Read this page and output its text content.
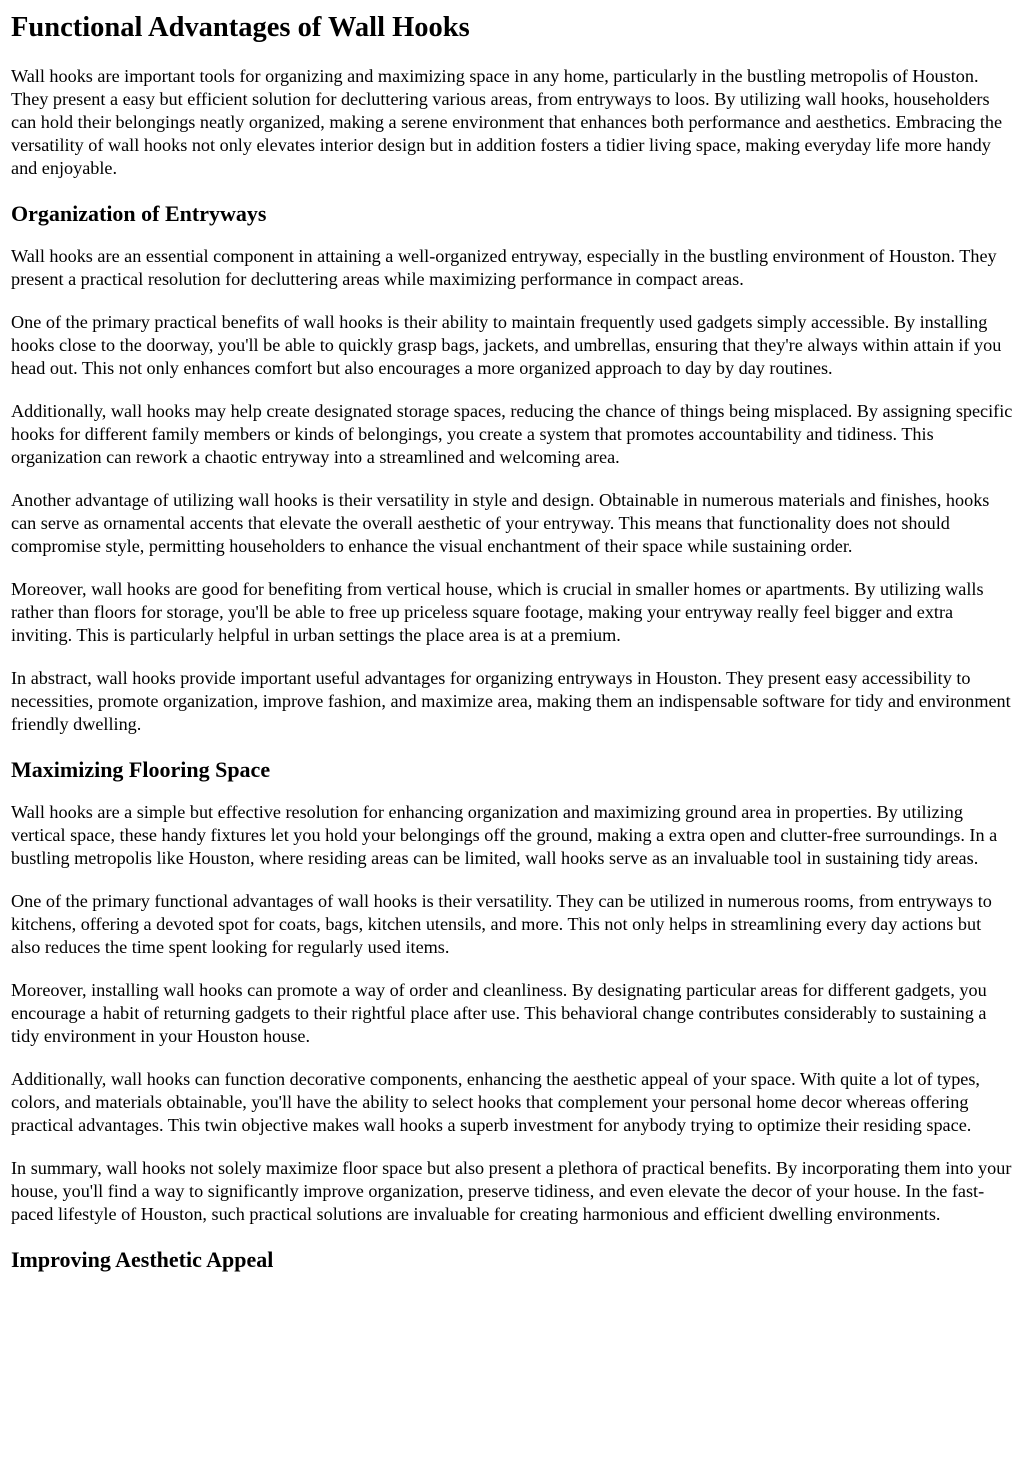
Functional Advantages of Wall Hooks

Wall hooks are important tools for organizing and maximizing space in any home, particularly in the bustling metropolis of Houston. They present a easy but efficient solution for decluttering various areas, from entryways to loos. By utilizing wall hooks, householders can hold their belongings neatly organized, making a serene environment that enhances both performance and aesthetics. Embracing the versatility of wall hooks not only elevates interior design but in addition fosters a tidier living space, making everyday life more handy and enjoyable.

Organization of Entryways

Wall hooks are an essential component in attaining a well-organized entryway, especially in the bustling environment of Houston. They present a practical resolution for decluttering areas while maximizing performance in compact areas.

One of the primary practical benefits of wall hooks is their ability to maintain frequently used gadgets simply accessible. By installing hooks close to the doorway, you'll be able to quickly grasp bags, jackets, and umbrellas, ensuring that they're always within attain if you head out. This not only enhances comfort but also encourages a more organized approach to day by day routines.

Additionally, wall hooks may help create designated storage spaces, reducing the chance of things being misplaced. By assigning specific hooks for different family members or kinds of belongings, you create a system that promotes accountability and tidiness. This organization can rework a chaotic entryway into a streamlined and welcoming area.

Another advantage of utilizing wall hooks is their versatility in style and design. Obtainable in numerous materials and finishes, hooks can serve as ornamental accents that elevate the overall aesthetic of your entryway. This means that functionality does not should compromise style, permitting householders to enhance the visual enchantment of their space while sustaining order.

Moreover, wall hooks are good for benefiting from vertical house, which is crucial in smaller homes or apartments. By utilizing walls rather than floors for storage, you'll be able to free up priceless square footage, making your entryway really feel bigger and extra inviting. This is particularly helpful in urban settings the place area is at a premium.

In abstract, wall hooks provide important useful advantages for organizing entryways in Houston. They present easy accessibility to necessities, promote organization, improve fashion, and maximize area, making them an indispensable software for tidy and environment friendly dwelling.

Maximizing Flooring Space

Wall hooks are a simple but effective resolution for enhancing organization and maximizing ground area in properties. By utilizing vertical space, these handy fixtures let you hold your belongings off the ground, making a extra open and clutter-free surroundings. In a bustling metropolis like Houston, where residing areas can be limited, wall hooks serve as an invaluable tool in sustaining tidy areas.

One of the primary functional advantages of wall hooks is their versatility. They can be utilized in numerous rooms, from entryways to kitchens, offering a devoted spot for coats, bags, kitchen utensils, and more. This not only helps in streamlining every day actions but also reduces the time spent looking for regularly used items.

Moreover, installing wall hooks can promote a way of order and cleanliness. By designating particular areas for different gadgets, you encourage a habit of returning gadgets to their rightful place after use. This behavioral change contributes considerably to sustaining a tidy environment in your Houston house.

Additionally, wall hooks can function decorative components, enhancing the aesthetic appeal of your space. With quite a lot of types, colors, and materials obtainable, you'll have the ability to select hooks that complement your personal home decor whereas offering practical advantages. This twin objective makes wall hooks a superb investment for anybody trying to optimize their residing space.

In summary, wall hooks not solely maximize floor space but also present a plethora of practical benefits. By incorporating them into your house, you'll find a way to significantly improve organization, preserve tidiness, and even elevate the decor of your house. In the fast-paced lifestyle of Houston, such practical solutions are invaluable for creating harmonious and efficient dwelling environments.

Improving Aesthetic Appeal
